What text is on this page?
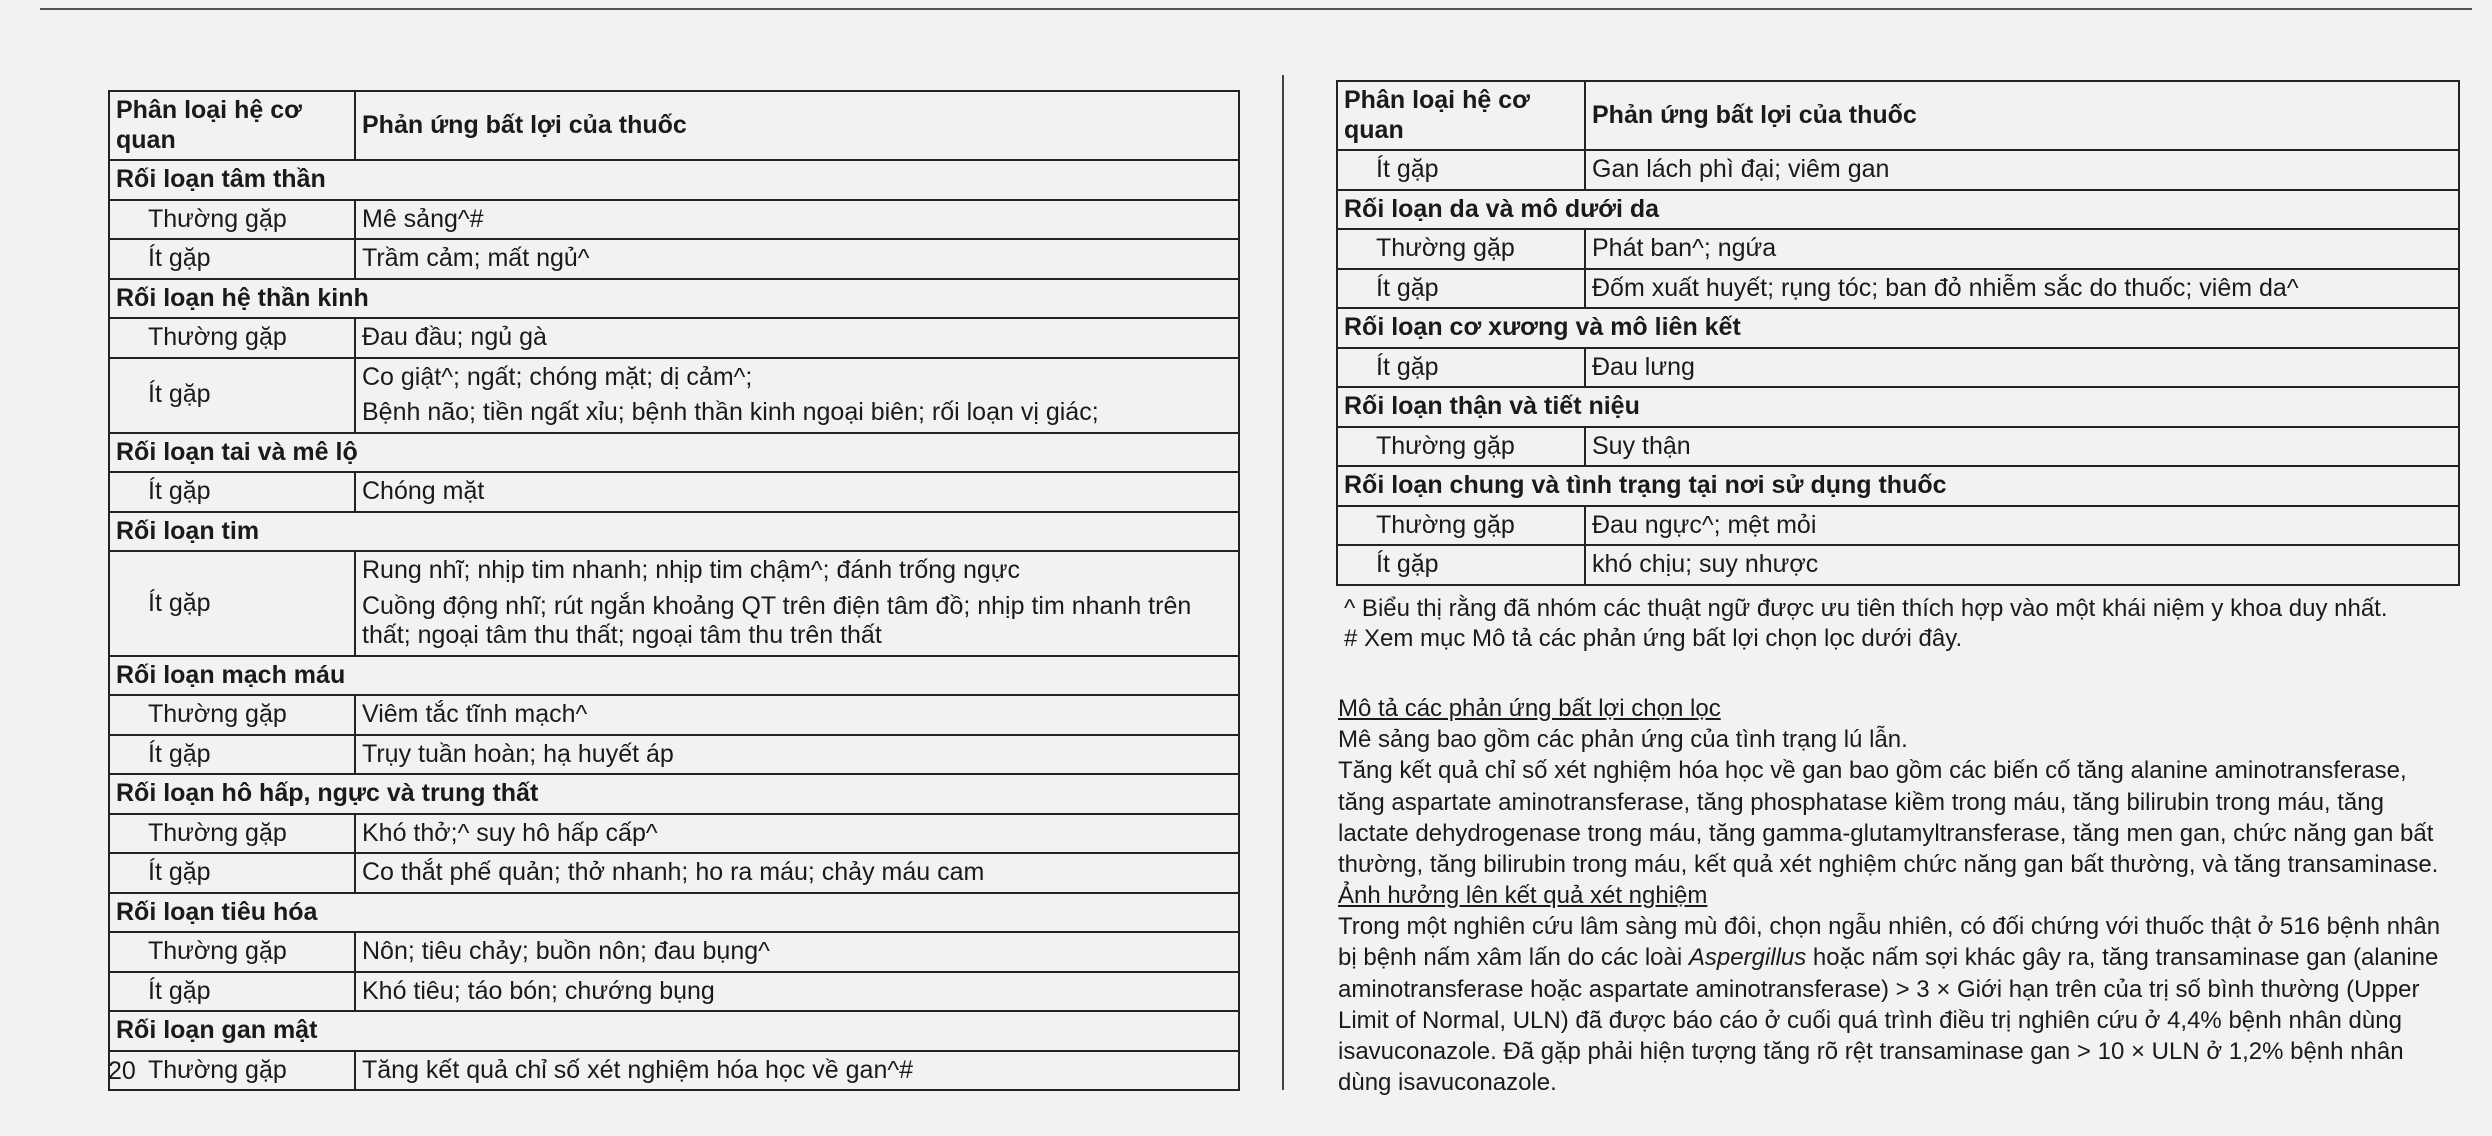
Phân loại hệ cơ quan	Phản ứng bất lợi của thuốc
Rối loạn tâm thần	
Thường gặp	Mê sảng^#
Ít gặp	Trầm cảm; mất ngủ^
Rối loạn hệ thần kinh	
Thường gặp	Đau đầu; ngủ gà
Ít gặp	Co giật^; ngất; chóng mặt; dị cảm^;
Bệnh não; tiền ngất xỉu; bệnh thần kinh ngoại biên; rối loạn vị giác;

Rối loạn tai và mê lộ	
Ít gặp	Chóng mặt
Rối loạn tim	
Ít gặp	Rung nhĩ; nhịp tim nhanh; nhịp tim chậm^; đánh trống ngực
Cuồng động nhĩ; rút ngắn khoảng QT trên điện tâm đồ; nhịp tim nhanh trên thất; ngoại tâm thu thất; ngoại tâm thu trên thất

Rối loạn mạch máu	
Thường gặp	Viêm tắc tĩnh mạch^
Ít gặp	Trụy tuần hoàn; hạ huyết áp
Rối loạn hô hấp, ngực và trung thất	
Thường gặp	Khó thở;^ suy hô hấp cấp^
Ít gặp	Co thắt phế quản; thở nhanh; ho ra máu; chảy máu cam
Rối loạn tiêu hóa	
Thường gặp	Nôn; tiêu chảy; buồn nôn; đau bụng^
Ít gặp	Khó tiêu; táo bón; chướng bụng
Rối loạn gan mật	
Thường gặp	Tăng kết quả chỉ số xét nghiệm hóa học về gan^#
20
Phân loại hệ cơ quan	Phản ứng bất lợi của thuốc
Ít gặp	Gan lách phì đại; viêm gan
Rối loạn da và mô dưới da	
Thường gặp	Phát ban^; ngứa
Ít gặp	Đốm xuất huyết; rụng tóc; ban đỏ nhiễm sắc do thuốc; viêm da^
Rối loạn cơ xương và mô liên kết	
Ít gặp	Đau lưng
Rối loạn thận và tiết niệu	
Thường gặp	Suy thận
Rối loạn chung và tình trạng tại nơi sử dụng thuốc	
Thường gặp	Đau ngực^; mệt mỏi
Ít gặp	khó chịu; suy nhược
^ Biểu thị rằng đã nhóm các thuật ngữ được ưu tiên thích hợp vào một khái niệm y khoa duy nhất.
# Xem mục Mô tả các phản ứng bất lợi chọn lọc dưới đây.

Mô tả các phản ứng bất lợi chọn lọc

Mê sảng bao gồm các phản ứng của tình trạng lú lẫn.

Tăng kết quả chỉ số xét nghiệm hóa học về gan bao gồm các biến cố tăng alanine aminotransferase, tăng aspartate aminotransferase, tăng phosphatase kiềm trong máu, tăng bilirubin trong máu, tăng lactate dehydrogenase trong máu, tăng gamma-glutamyltransferase, tăng men gan, chức năng gan bất thường, tăng bilirubin trong máu, kết quả xét nghiệm chức năng gan bất thường, và tăng transaminase.

Ảnh hưởng lên kết quả xét nghiệm

Trong một nghiên cứu lâm sàng mù đôi, chọn ngẫu nhiên, có đối chứng với thuốc thật ở 516 bệnh nhân bị bệnh nấm xâm lấn do các loài Aspergillus hoặc nấm sợi khác gây ra, tăng transaminase gan (alanine aminotransferase hoặc aspartate aminotransferase) > 3 × Giới hạn trên của trị số bình thường (Upper Limit of Normal, ULN) đã được báo cáo ở cuối quá trình điều trị nghiên cứu ở 4,4% bệnh nhân dùng isavuconazole. Đã gặp phải hiện tượng tăng rõ rệt transaminase gan > 10 × ULN ở 1,2% bệnh nhân dùng isavuconazole.
